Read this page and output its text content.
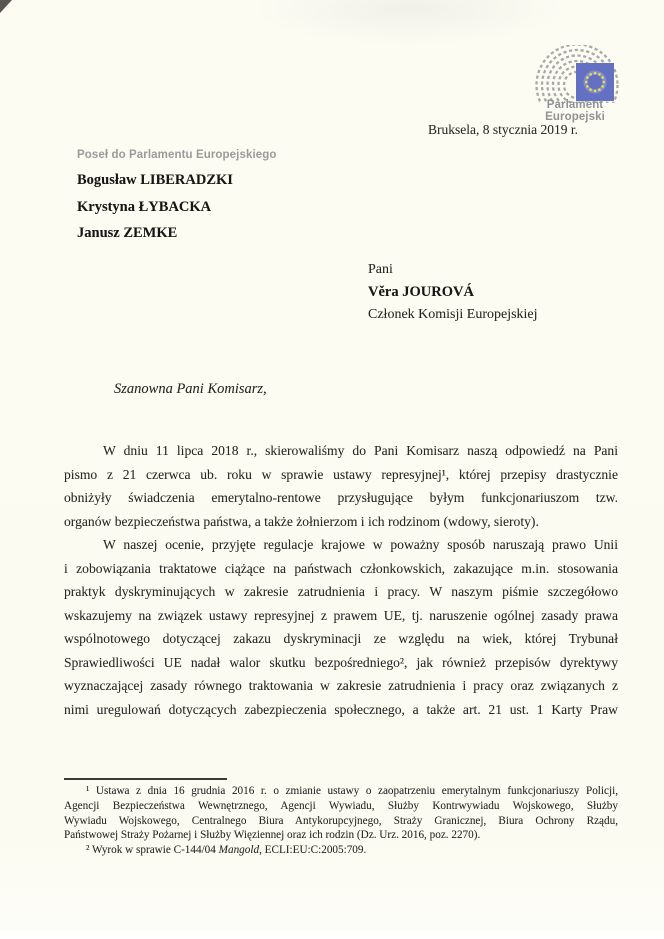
Parlament Europejski
Bruksela, 8 stycznia 2019 r.
Poseł do Parlamentu Europejskiego
Bogusław LIBERADZKI
Krystyna ŁYBACKA
Janusz ZEMKE
Pani
Věra JOUROVÁ
Członek Komisji Europejskiej
Szanowna Pani Komisarz,
W dniu 11 lipca 2018 r., skierowaliśmy do Pani Komisarz naszą odpowiedź na Pani
pismo z 21 czerwca ub. roku w sprawie ustawy represyjnej¹, której przepisy drastycznie
obniżyły świadczenia emerytalno-rentowe przysługujące byłym funkcjonariuszom tzw.
organów bezpieczeństwa państwa, a także żołnierzom i ich rodzinom (wdowy, sieroty).
W naszej ocenie, przyjęte regulacje krajowe w poważny sposób naruszają prawo Unii
i zobowiązania traktatowe ciążące na państwach członkowskich, zakazujące m.in. stosowania
praktyk dyskryminujących w zakresie zatrudnienia i pracy. W naszym piśmie szczegółowo
wskazujemy na związek ustawy represyjnej z prawem UE, tj. naruszenie ogólnej zasady prawa
wspólnotowego dotyczącej zakazu dyskryminacji ze względu na wiek, której Trybunał
Sprawiedliwości UE nadał walor skutku bezpośredniego², jak również przepisów dyrektywy
wyznaczającej zasady równego traktowania w zakresie zatrudnienia i pracy oraz związanych z
nimi uregulowań dotyczących zabezpieczenia społecznego, a także art. 21 ust. 1 Karty Praw
¹ Ustawa z dnia 16 grudnia 2016 r. o zmianie ustawy o zaopatrzeniu emerytalnym funkcjonariuszy Policji,
Agencji Bezpieczeństwa Wewnętrznego, Agencji Wywiadu, Służby Kontrwywiadu Wojskowego, Służby
Wywiadu Wojskowego, Centralnego Biura Antykorupcyjnego, Straży Granicznej, Biura Ochrony Rządu,
Państwowej Straży Pożarnej i Służby Więziennej oraz ich rodzin (Dz. Urz. 2016, poz. 2270).
² Wyrok w sprawie C-144/04 Mangold, ECLI:EU:C:2005:709.
